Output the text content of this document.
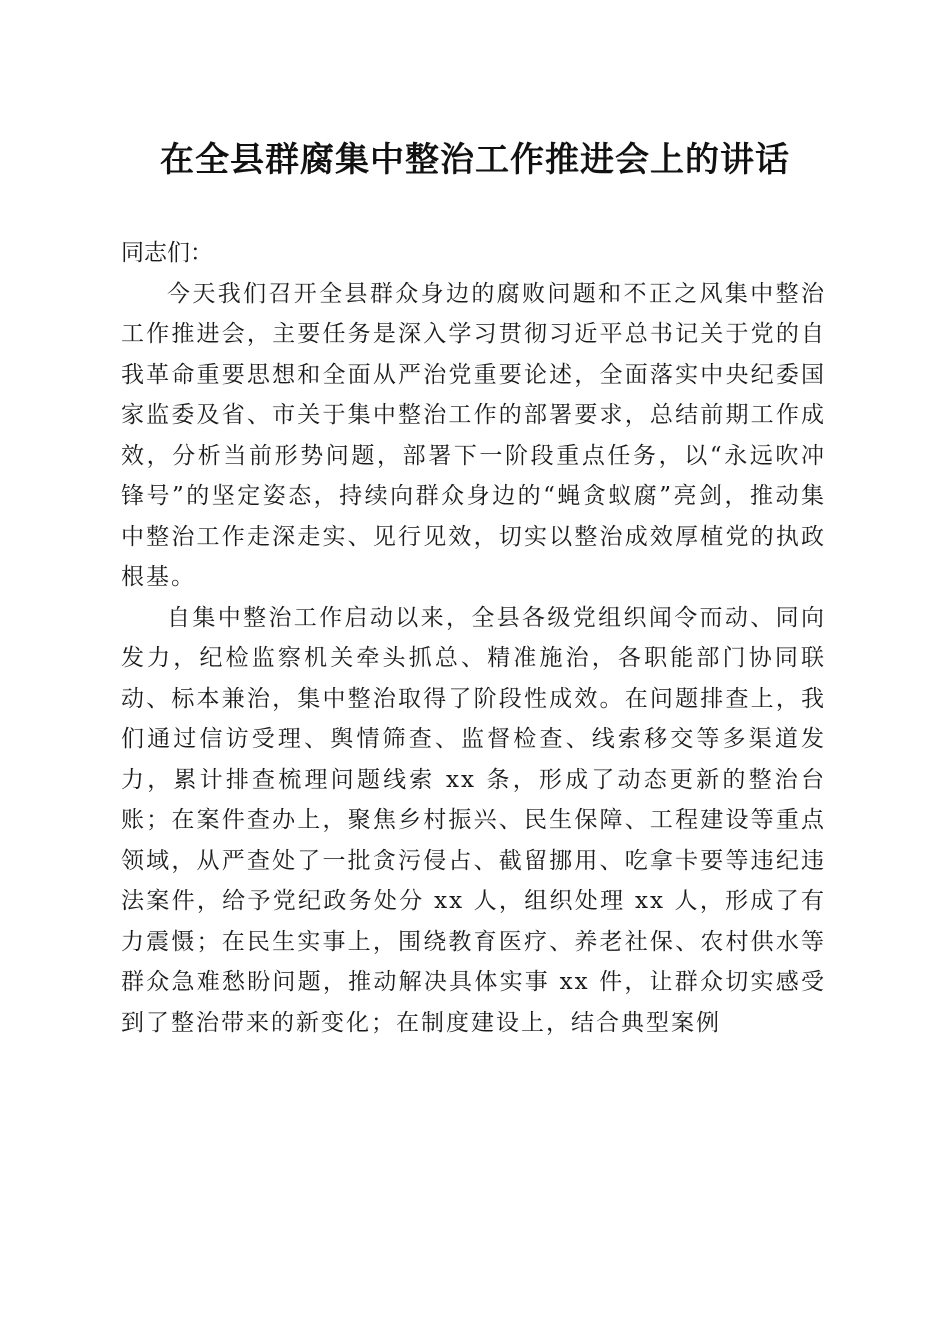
在全县群腐集中整治工作推进会上的讲话

同志们：

今天我们召开全县群众身边的腐败问题和不正之风集中整治工作推进会，主要任务是深入学习贯彻习近平总书记关于党的自我革命重要思想和全面从严治党重要论述，全面落实中央纪委国家监委及省、市关于集中整治工作的部署要求，总结前期工作成效，分析当前形势问题，部署下一阶段重点任务，以“永远吹冲锋号”的坚定姿态，持续向群众身边的“蝇贪蚁腐”亮剑，推动集中整治工作走深走实、见行见效，切实以整治成效厚植党的执政根基。

自集中整治工作启动以来，全县各级党组织闻令而动、同向发力，纪检监察机关牵头抓总、精准施治，各职能部门协同联动、标本兼治，集中整治取得了阶段性成效。在问题排查上，我们通过信访受理、舆情筛查、监督检查、线索移交等多渠道发力，累计排查梳理问题线索 xx 条，形成了动态更新的整治台账；在案件查办上，聚焦乡村振兴、民生保障、工程建设等重点领域，从严查处了一批贪污侵占、截留挪用、吃拿卡要等违纪违法案件，给予党纪政务处分 xx 人，组织处理 xx 人，形成了有力震慑；在民生实事上，围绕教育医疗、养老社保、农村供水等群众急难愁盼问题，推动解决具体实事 xx 件，让群众切实感受到了整治带来的新变化；在制度建设上，结合典型案例
